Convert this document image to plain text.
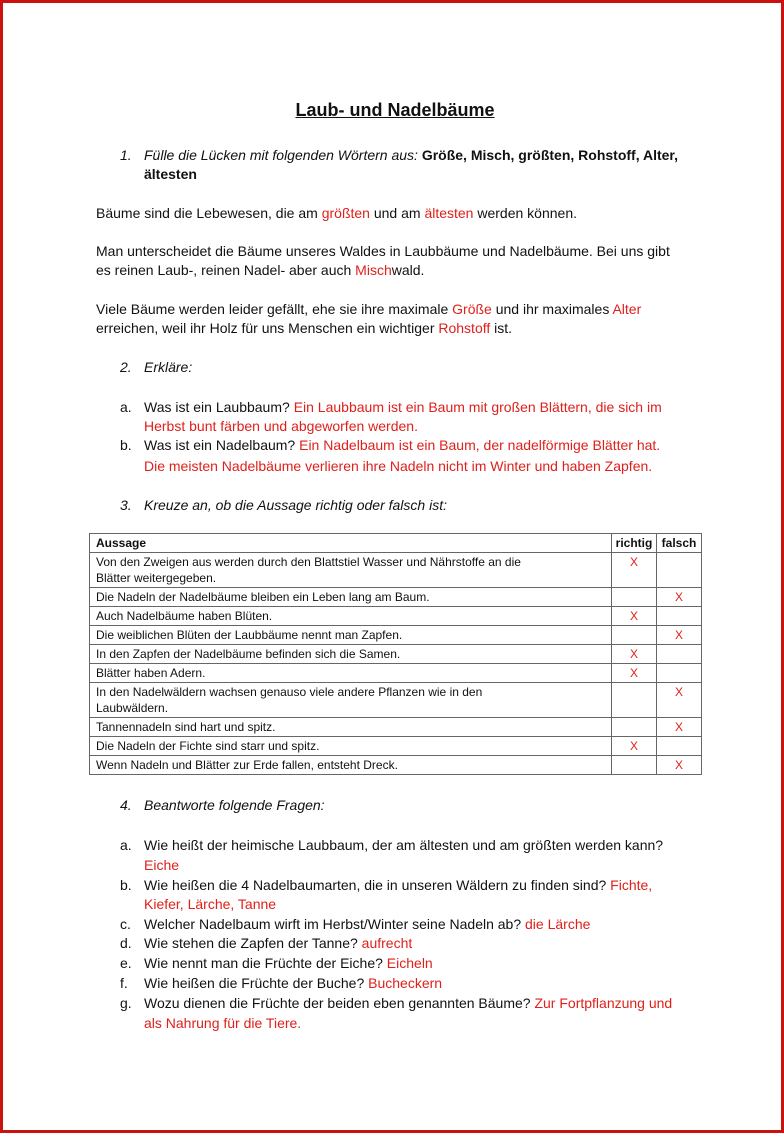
Laub- und Nadelbäume
1. Fülle die Lücken mit folgenden Wörtern aus: Größe, Misch, größten, Rohstoff, Alter,
ältesten
Bäume sind die Lebewesen, die am größten und am ältesten werden können.
Man unterscheidet die Bäume unseres Waldes in Laubbäume und Nadelbäume. Bei uns gibt
es reinen Laub-, reinen Nadel- aber auch Mischwald.
Viele Bäume werden leider gefällt, ehe sie ihre maximale Größe und ihr maximales Alter
erreichen, weil ihr Holz für uns Menschen ein wichtiger Rohstoff ist.
2. Erkläre:
a. Was ist ein Laubbaum? Ein Laubbaum ist ein Baum mit großen Blättern, die sich im
Herbst bunt färben und abgeworfen werden.
b. Was ist ein Nadelbaum? Ein Nadelbaum ist ein Baum, der nadelförmige Blätter hat.
Die meisten Nadelbäume verlieren ihre Nadeln nicht im Winter und haben Zapfen.
3. Kreuze an, ob die Aussage richtig oder falsch ist:
Aussage	richtig	falsch
Von den Zweigen aus werden durch den Blattstiel Wasser und Nährstoffe an die
Blätter weitergegeben.	X	
Die Nadeln der Nadelbäume bleiben ein Leben lang am Baum.		X
Auch Nadelbäume haben Blüten.	X	
Die weiblichen Blüten der Laubbäume nennt man Zapfen.		X
In den Zapfen der Nadelbäume befinden sich die Samen.	X	
Blätter haben Adern.	X	
In den Nadelwäldern wachsen genauso viele andere Pflanzen wie in den
Laubwäldern.		X
Tannennadeln sind hart und spitz.		X
Die Nadeln der Fichte sind starr und spitz.	X	
Wenn Nadeln und Blätter zur Erde fallen, entsteht Dreck.		X
4. Beantworte folgende Fragen:
a. Wie heißt der heimische Laubbaum, der am ältesten und am größten werden kann?
Eiche
b. Wie heißen die 4 Nadelbaumarten, die in unseren Wäldern zu finden sind? Fichte,
Kiefer, Lärche, Tanne
c. Welcher Nadelbaum wirft im Herbst/Winter seine Nadeln ab? die Lärche
d. Wie stehen die Zapfen der Tanne? aufrecht
e. Wie nennt man die Früchte der Eiche? Eicheln
f. Wie heißen die Früchte der Buche? Bucheckern
g. Wozu dienen die Früchte der beiden eben genannten Bäume? Zur Fortpflanzung und
als Nahrung für die Tiere.
